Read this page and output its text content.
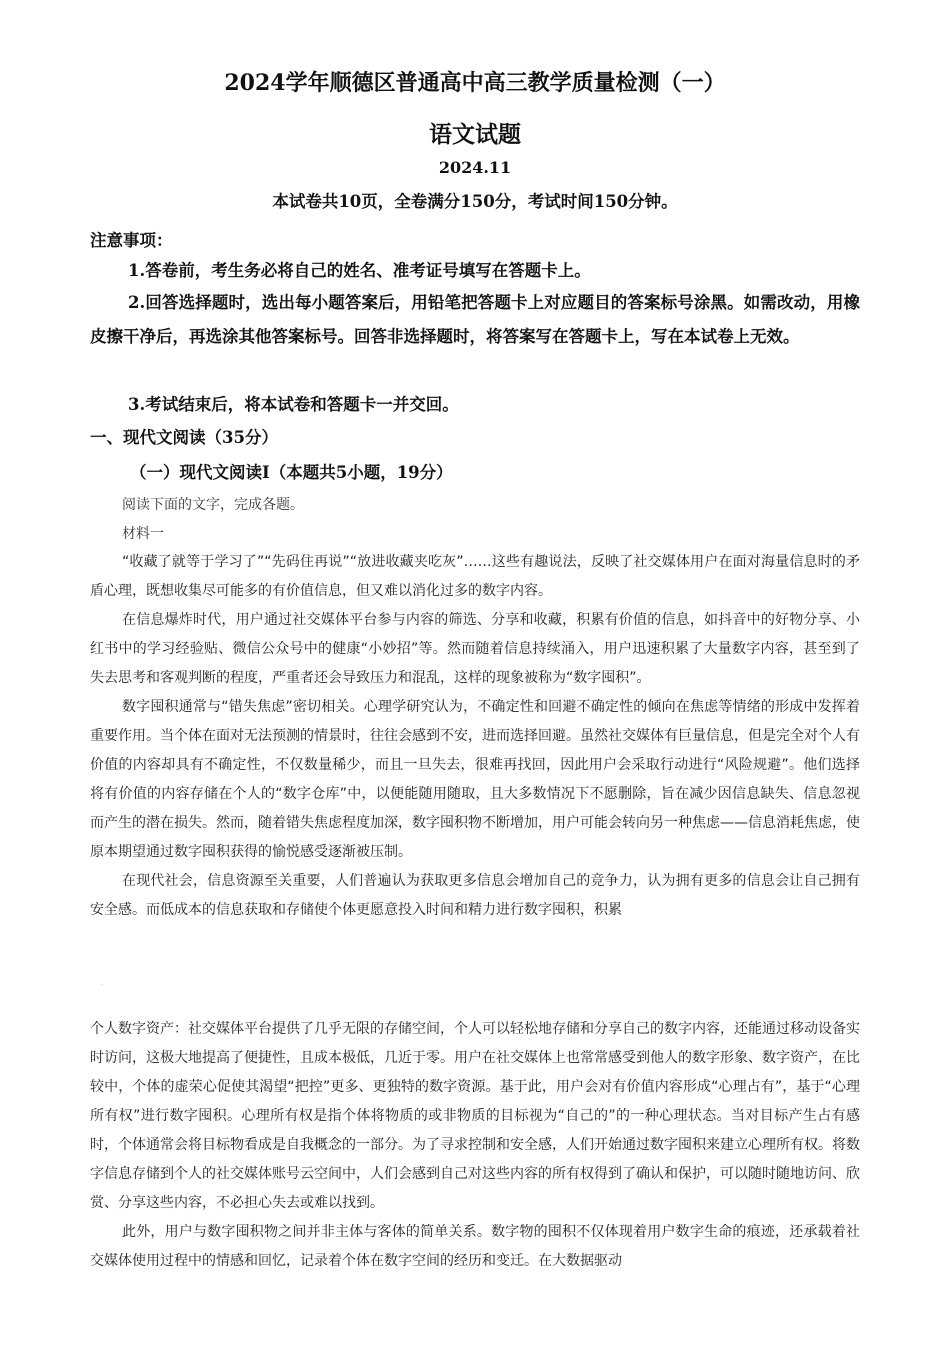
2024学年顺德区普通高中高三教学质量检测（一）
语文试题
2024.11
本试卷共10页，全卷满分150分，考试时间150分钟。
注意事项：
1.答卷前，考生务必将自己的姓名、准考证号填写在答题卡上。
2.回答选择题时，选出每小题答案后，用铅笔把答题卡上对应题目的答案标号涂黑。如需改动，用橡皮擦干净后，再选涂其他答案标号。回答非选择题时，将答案写在答题卡上，写在本试卷上无效。
3.考试结束后，将本试卷和答题卡一并交回。
一、现代文阅读（35分）
（一）现代文阅读Ⅰ（本题共5小题，19分）
阅读下面的文字，完成各题。
材料一

“收藏了就等于学习了”“先码住再说”“放进收藏夹吃灰”……这些有趣说法，反映了社交媒体用户在面对海量信息时的矛盾心理，既想收集尽可能多的有价值信息，但又难以消化过多的数字内容。

在信息爆炸时代，用户通过社交媒体平台参与内容的筛选、分享和收藏，积累有价值的信息，如抖音中的好物分享、小红书中的学习经验贴、微信公众号中的健康“小妙招”等。然而随着信息持续涌入，用户迅速积累了大量数字内容，甚至到了失去思考和客观判断的程度，严重者还会导致压力和混乱，这样的现象被称为“数字囤积”。

数字囤积通常与“错失焦虑”密切相关。心理学研究认为，不确定性和回避不确定性的倾向在焦虑等情绪的形成中发挥着重要作用。当个体在面对无法预测的情景时，往往会感到不安，进而选择回避。虽然社交媒体有巨量信息，但是完全对个人有价值的内容却具有不确定性，不仅数量稀少，而且一旦失去，很难再找回，因此用户会采取行动进行“风险规避”。他们选择将有价值的内容存储在个人的“数字仓库”中，以便能随用随取，且大多数情况下不愿删除，旨在减少因信息缺失、信息忽视而产生的潜在损失。然而，随着错失焦虑程度加深，数字囤积物不断增加，用户可能会转向另一种焦虑——信息消耗焦虑，使原本期望通过数字囤积获得的愉悦感受逐渐被压制。

在现代社会，信息资源至关重要，人们普遍认为获取更多信息会增加自己的竞争力，认为拥有更多的信息会让自己拥有安全感。而低成本的信息获取和存储使个体更愿意投入时间和精力进行数字囤积，积累

·

个人数字资产：社交媒体平台提供了几乎无限的存储空间，个人可以轻松地存储和分享自己的数字内容，还能通过移动设备实时访问，这极大地提高了便捷性，且成本极低，几近于零。用户在社交媒体上也常常感受到他人的数字形象、数字资产，在比较中，个体的虚荣心促使其渴望“把控”更多、更独特的数字资源。基于此，用户会对有价值内容形成“心理占有”，基于“心理所有权”进行数字囤积。心理所有权是指个体将物质的或非物质的目标视为“自己的”的一种心理状态。当对目标产生占有感时，个体通常会将目标物看成是自我概念的一部分。为了寻求控制和安全感，人们开始通过数字囤积来建立心理所有权。将数字信息存储到个人的社交媒体账号云空间中，人们会感到自己对这些内容的所有权得到了确认和保护，可以随时随地访问、欣赏、分享这些内容，不必担心失去或难以找到。

此外，用户与数字囤积物之间并非主体与客体的简单关系。数字物的囤积不仅体现着用户数字生命的痕迹，还承载着社交媒体使用过程中的情感和回忆，记录着个体在数字空间的经历和变迁。在大数据驱动
